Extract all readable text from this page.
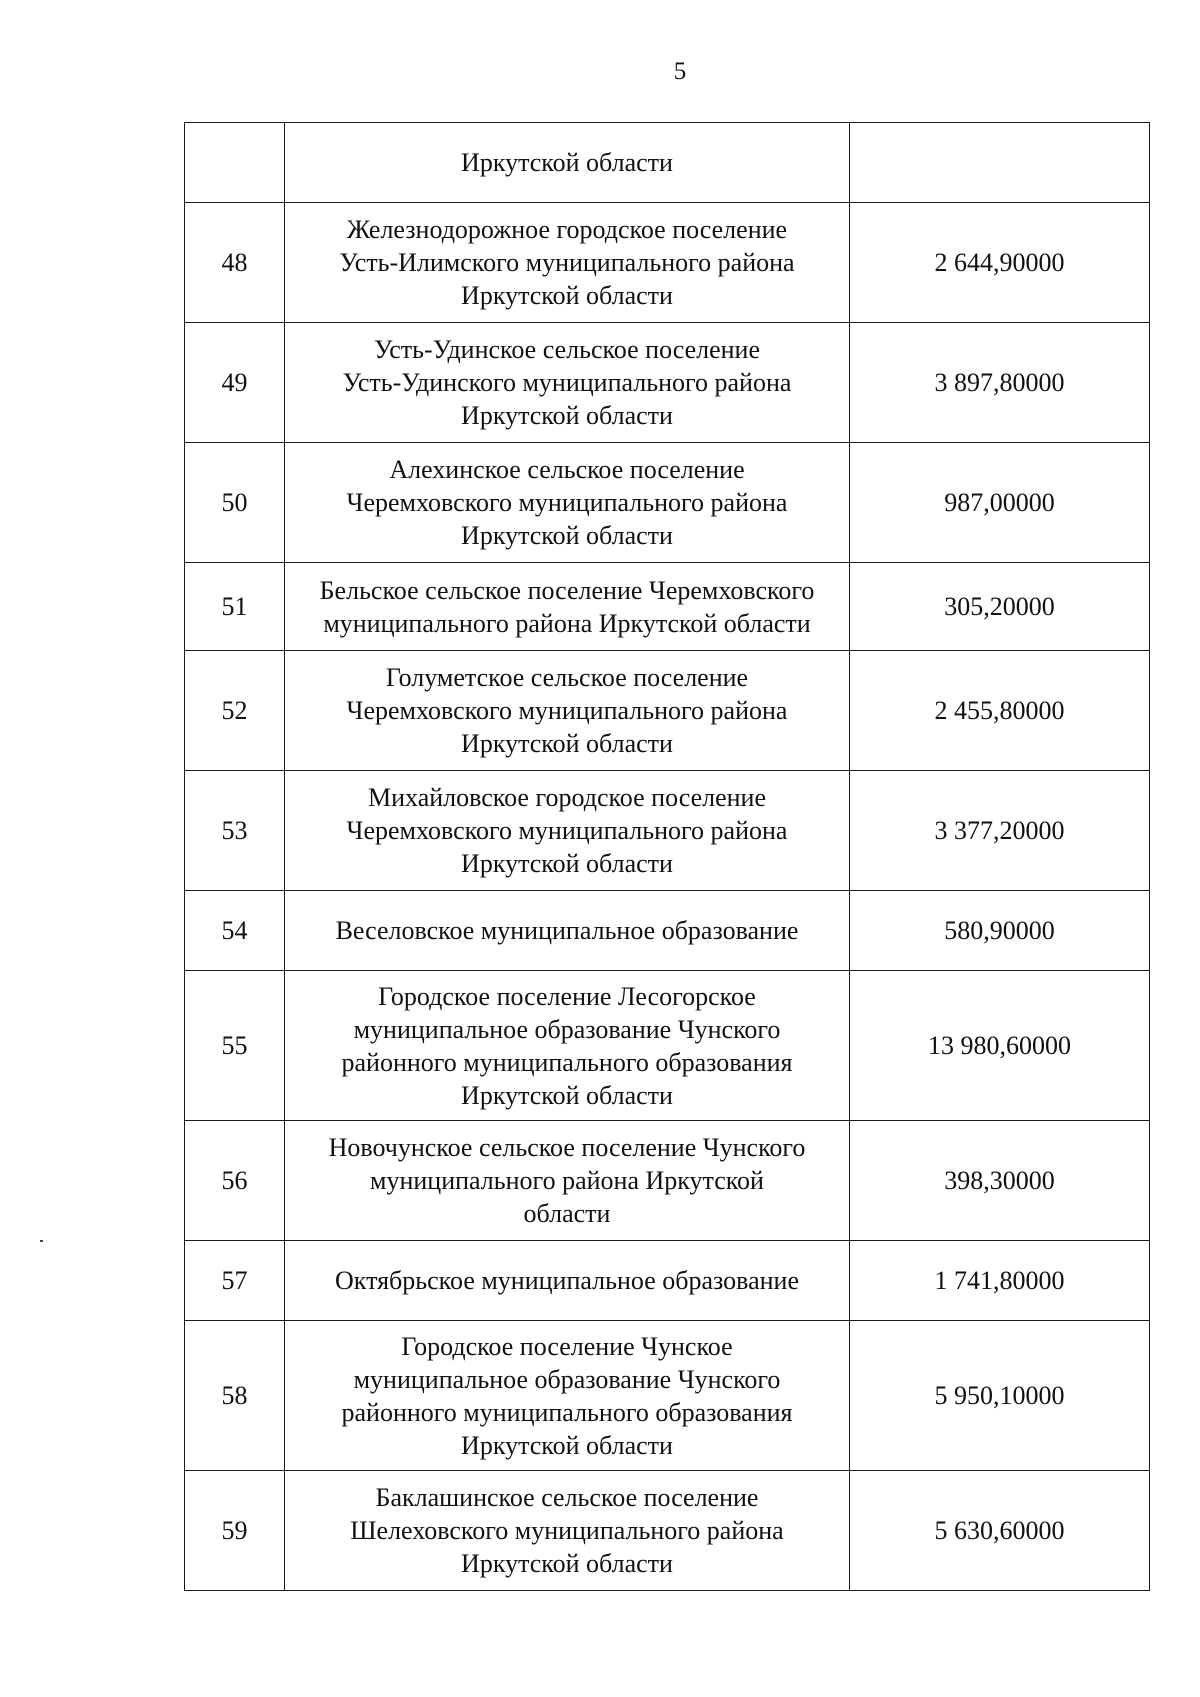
5

	Иркутской области	

48	Железнодорожное городское поселение
Усть-Илимского муниципального района
Иркутской области	2 644,90000
49	Усть-Удинское сельское поселение
Усть-Удинского муниципального района
Иркутской области	3 897,80000
50	Алехинское сельское поселение
Черемховского муниципального района
Иркутской области	987,00000
51	Бельское сельское поселение Черемховского
муниципального района Иркутской области	305,20000
52	Голуметское сельское поселение
Черемховского муниципального района
Иркутской области	2 455,80000
53	Михайловское городское поселение
Черемховского муниципального района
Иркутской области	3 377,20000
54	Веселовское муниципальное образование	580,90000
55	Городское поселение Лесогорское
муниципальное образование Чунского
районного муниципального образования
Иркутской области	13 980,60000
56	Новочунское сельское поселение Чунского
муниципального района Иркутской
области	398,30000
57	Октябрьское муниципальное образование	1 741,80000
58	Городское поселение Чунское
муниципальное образование Чунского
районного муниципального образования
Иркутской области	5 950,10000
59	Баклашинское сельское поселение
Шелеховского муниципального района
Иркутской области	5 630,60000
